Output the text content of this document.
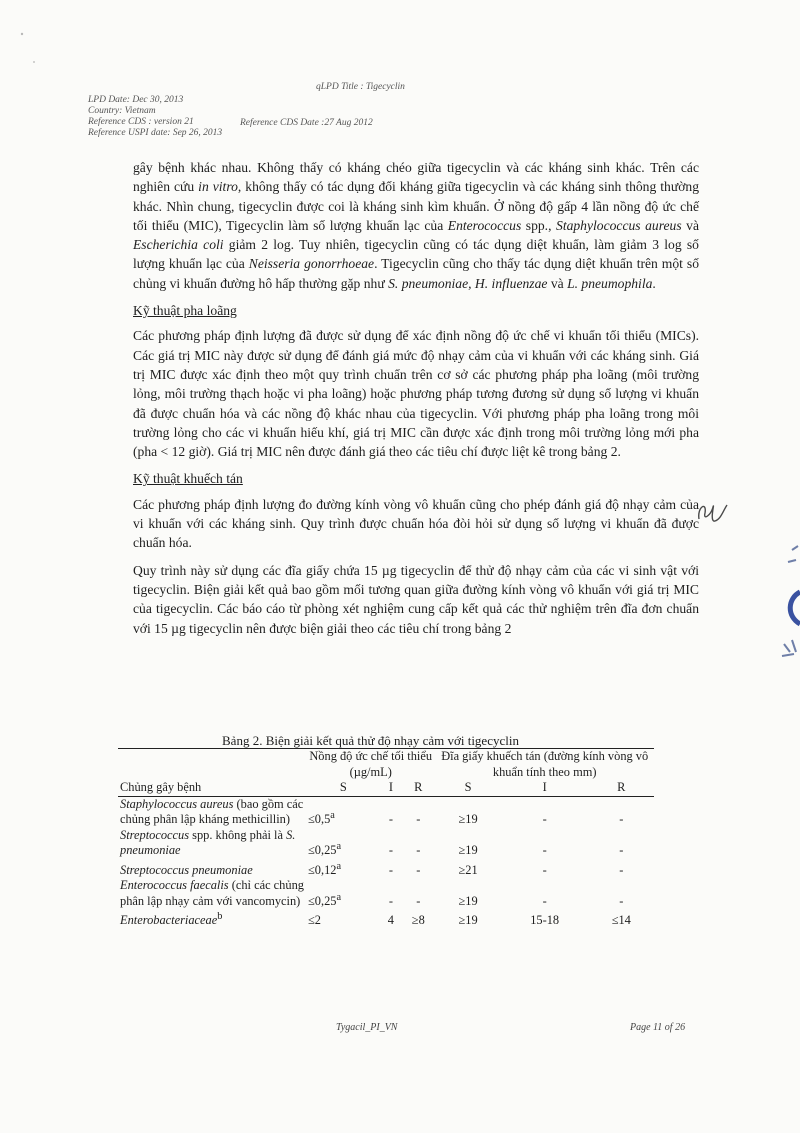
qLPD Title : Tigecyclin
LPD Date: Dec 30, 2013
Country: Vietnam
Reference CDS : version 21
Reference USPI date: Sep 26, 2013
Reference CDS Date :27 Aug 2012

gây bệnh khác nhau. Không thấy có kháng chéo giữa tigecyclin và các kháng sinh khác. Trên các nghiên cứu in vitro, không thấy có tác dụng đối kháng giữa tigecyclin và các kháng sinh thông thường khác. Nhìn chung, tigecyclin được coi là kháng sinh kìm khuẩn. Ở nồng độ gấp 4 lần nồng độ ức chế tối thiểu (MIC), Tigecyclin làm số lượng khuẩn lạc của Enterococcus spp., Staphylococcus aureus và Escherichia coli giảm 2 log. Tuy nhiên, tigecyclin cũng có tác dụng diệt khuẩn, làm giảm 3 log số lượng khuẩn lạc của Neisseria gonorrhoeae. Tigecyclin cũng cho thấy tác dụng diệt khuẩn trên một số chủng vi khuẩn đường hô hấp thường gặp như S. pneumoniae, H. influenzae và L. pneumophila.

Kỹ thuật pha loãng

Các phương pháp định lượng đã được sử dụng để xác định nồng độ ức chế vi khuẩn tối thiểu (MICs). Các giá trị MIC này được sử dụng để đánh giá mức độ nhạy cảm của vi khuẩn với các kháng sinh. Giá trị MIC được xác định theo một quy trình chuẩn trên cơ sở các phương pháp pha loãng (môi trường lỏng, môi trường thạch hoặc vi pha loãng) hoặc phương pháp tương đương sử dụng số lượng vi khuẩn đã được chuẩn hóa và các nồng độ khác nhau của tigecyclin. Với phương pháp pha loãng trong môi trường lỏng cho các vi khuẩn hiếu khí, giá trị MIC cần được xác định trong môi trường lỏng mới pha (pha < 12 giờ). Giá trị MIC nên được đánh giá theo các tiêu chí được liệt kê trong bảng 2.

Kỹ thuật khuếch tán

Các phương pháp định lượng đo đường kính vòng vô khuẩn cũng cho phép đánh giá độ nhạy cảm của vi khuẩn với các kháng sinh. Quy trình được chuẩn hóa đòi hỏi sử dụng số lượng vi khuẩn đã được chuẩn hóa.

Quy trình này sử dụng các đĩa giấy chứa 15 µg tigecyclin để thử độ nhạy cảm của các vi sinh vật với tigecyclin. Biện giải kết quả bao gồm mối tương quan giữa đường kính vòng vô khuẩn với giá trị MIC của tigecyclin. Các báo cáo từ phòng xét nghiệm cung cấp kết quả các thử nghiệm trên đĩa đơn chuẩn với 15 µg tigecyclin nên được biện giải theo các tiêu chí trong bảng 2

Bảng 2. Biện giải kết quả thử độ nhạy cảm với tigecyclin

	Nồng độ ức chế tối thiểu (µg/mL)			Đĩa giấy khuếch tán (đường kính vòng vô khuẩn tính theo mm)		
Chủng gây bệnh	S	I	R	S	I	R
Staphylococcus aureus (bao gồm các chủng phân lập kháng methicillin)	≤0,5$^a$	-	-	≥19	-	-
Streptococcus spp. không phải là S. pneumoniae	≤0,25$^a$	-	-	≥19	-	-
Streptococcus pneumoniae	≤0,12$^a$	-	-	≥21	-	-
Enterococcus faecalis (chỉ các chủng phân lập nhạy cảm với vancomycin)	≤0,25$^a$	-	-	≥19	-	-
Enterobacteriaceae$^b$	≤2	4	≥8	≥19	15-18	≤14
Tygacil_PI_VN	Page 11 of 26
